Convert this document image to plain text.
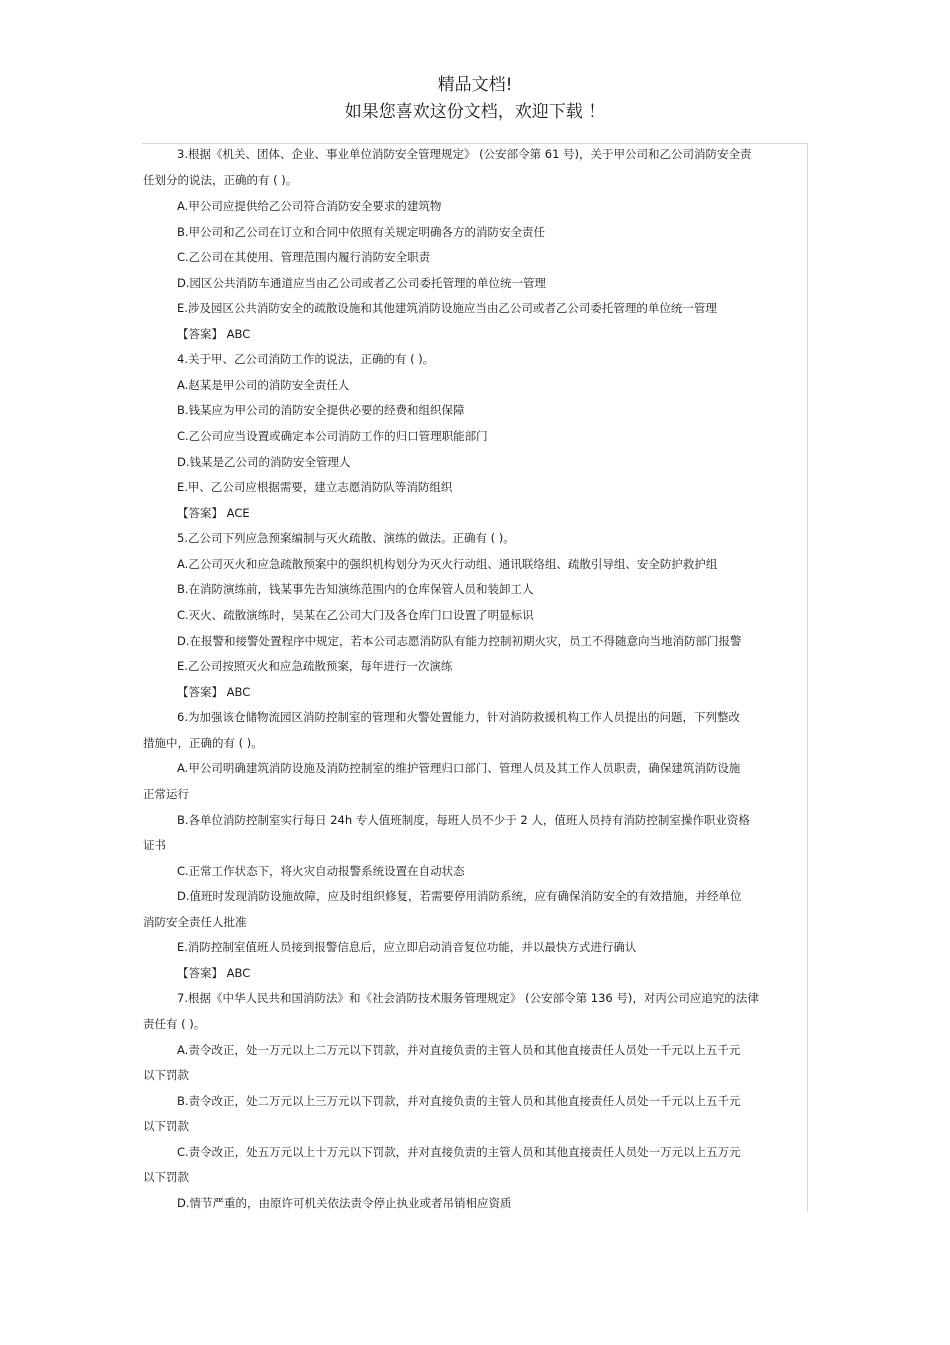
精品文档!
如果您喜欢这份文档，欢迎下载 ！
3.根据《机关、团体、企业、事业单位消防安全管理规定》 (公安部令第 61 号)，关于甲公司和乙公司消防安全责
任划分的说法，正确的有 ( )。
A.甲公司应提供给乙公司符合消防安全要求的建筑物
B.甲公司和乙公司在订立和合同中依照有关规定明确各方的消防安全责任
C.乙公司在其使用、管理范围内履行消防安全职责
D.园区公共消防车通道应当由乙公司或者乙公司委托管理的单位统一管理
E.涉及园区公共消防安全的疏散设施和其他建筑消防设施应当由乙公司或者乙公司委托管理的单位统一管理
【答案】 ABC
4.关于甲、乙公司消防工作的说法，正确的有 ( )。
A.赵某是甲公司的消防安全责任人
B.钱某应为甲公司的消防安全提供必要的经费和组织保障
C.乙公司应当设置或确定本公司消防工作的归口管理职能部门
D.钱某是乙公司的消防安全管理人
E.甲、乙公司应根据需要，建立志愿消防队等消防组织
【答案】 ACE
5.乙公司下列应急预案编制与灭火疏散、演练的做法。正确有 ( )。
A.乙公司灭火和应急疏散预案中的强织机构划分为灭火行动组、通讯联络组、疏散引导组、安全防护救护组
B.在消防演练前，钱某事先告知演练范围内的仓库保管人员和装卸工人
C.灭火、疏散演练时，吴某在乙公司大门及各仓库门口设置了明显标识
D.在报警和接警处置程序中规定，若本公司志愿消防队有能力控制初期火灾，员工不得随意向当地消防部门报警
E.乙公司按照灭火和应急疏散预案，每年进行一次演练
【答案】 ABC
6.为加强该仓储物流园区消防控制室的管理和火警处置能力，针对消防救援机构工作人员提出的问题，下列整改
措施中，正确的有 ( )。
A.甲公司明确建筑消防设施及消防控制室的维护管理归口部门、管理人员及其工作人员职责，确保建筑消防设施
正常运行
B.各单位消防控制室实行每日 24h 专人值班制度，每班人员不少于 2 人，值班人员持有消防控制室操作职业资格
证书
C.正常工作状态下，将火灾自动报警系统设置在自动状态
D.值班时发现消防设施故障，应及时组织修复，若需要停用消防系统，应有确保消防安全的有效措施，并经单位
消防安全责任人批准
E.消防控制室值班人员接到报警信息后，应立即启动消音复位功能，并以最快方式进行确认
【答案】 ABC
7.根据《中华人民共和国消防法》和《社会消防技术服务管理规定》 (公安部令第 136 号)，对丙公司应追究的法律
责任有 ( )。
A.责令改正，处一万元以上二万元以下罚款，并对直接负责的主管人员和其他直接责任人员处一千元以上五千元
以下罚款
B.责令改正，处二万元以上三万元以下罚款，并对直接负责的主管人员和其他直接责任人员处一千元以上五千元
以下罚款
C.责令改正，处五万元以上十万元以下罚款，并对直接负责的主管人员和其他直接责任人员处一万元以上五万元
以下罚款
D.情节严重的，由原许可机关依法责令停止执业或者吊销相应资质
